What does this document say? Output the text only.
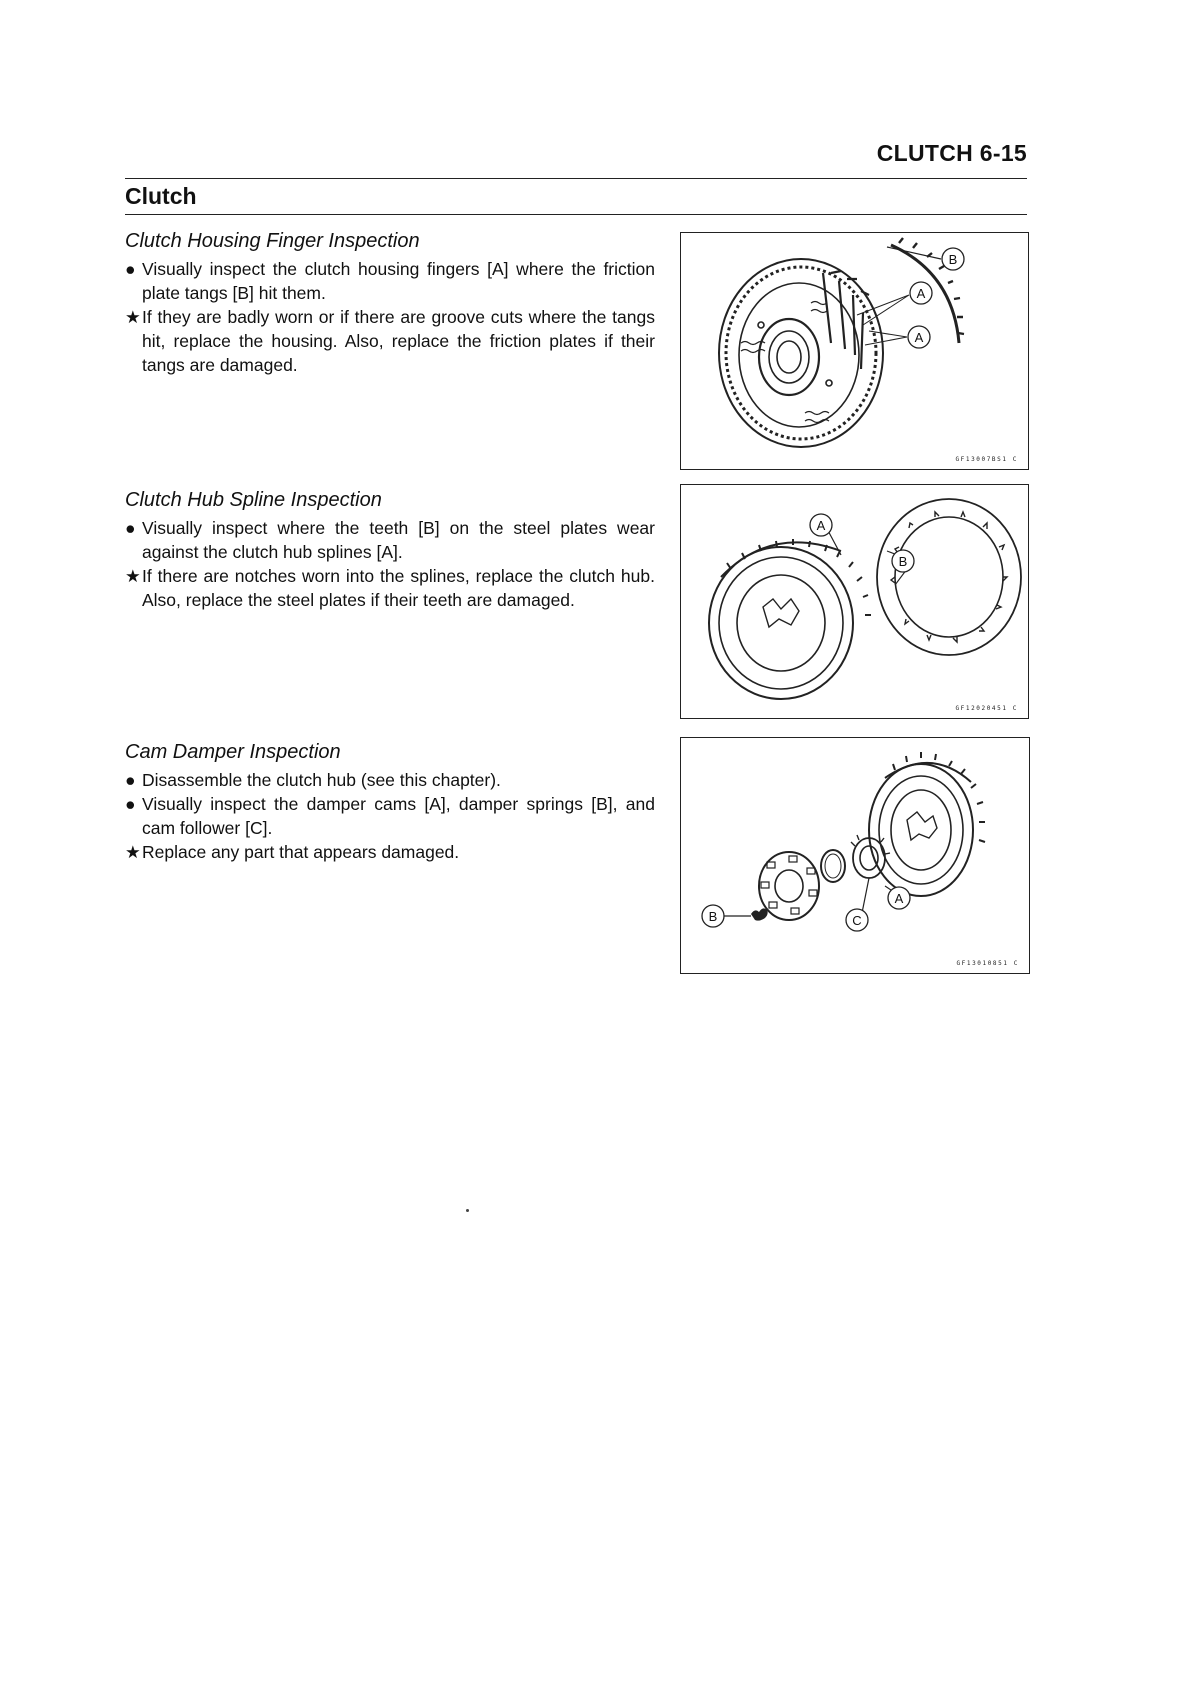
CLUTCH 6-15
Clutch
Clutch Housing Finger Inspection
● Visually inspect the clutch housing fingers [A] where the friction plate tangs [B] hit them.
★ If they are badly worn or if there are groove cuts where the tangs hit, replace the housing. Also, replace the friction plates if their tangs are damaged.
B
A
A
GF13007BS1 C
Clutch Hub Spline Inspection
● Visually inspect where the teeth [B] on the steel plates wear against the clutch hub splines [A].
★ If there are notches worn into the splines, replace the clutch hub. Also, replace the steel plates if their teeth are damaged.
A
B
GF12020451 C
Cam Damper Inspection
● Disassemble the clutch hub (see this chapter).
● Visually inspect the damper cams [A], damper springs [B], and cam follower [C].
★ Replace any part that appears damaged.
A
B	C
GF13010851 C
